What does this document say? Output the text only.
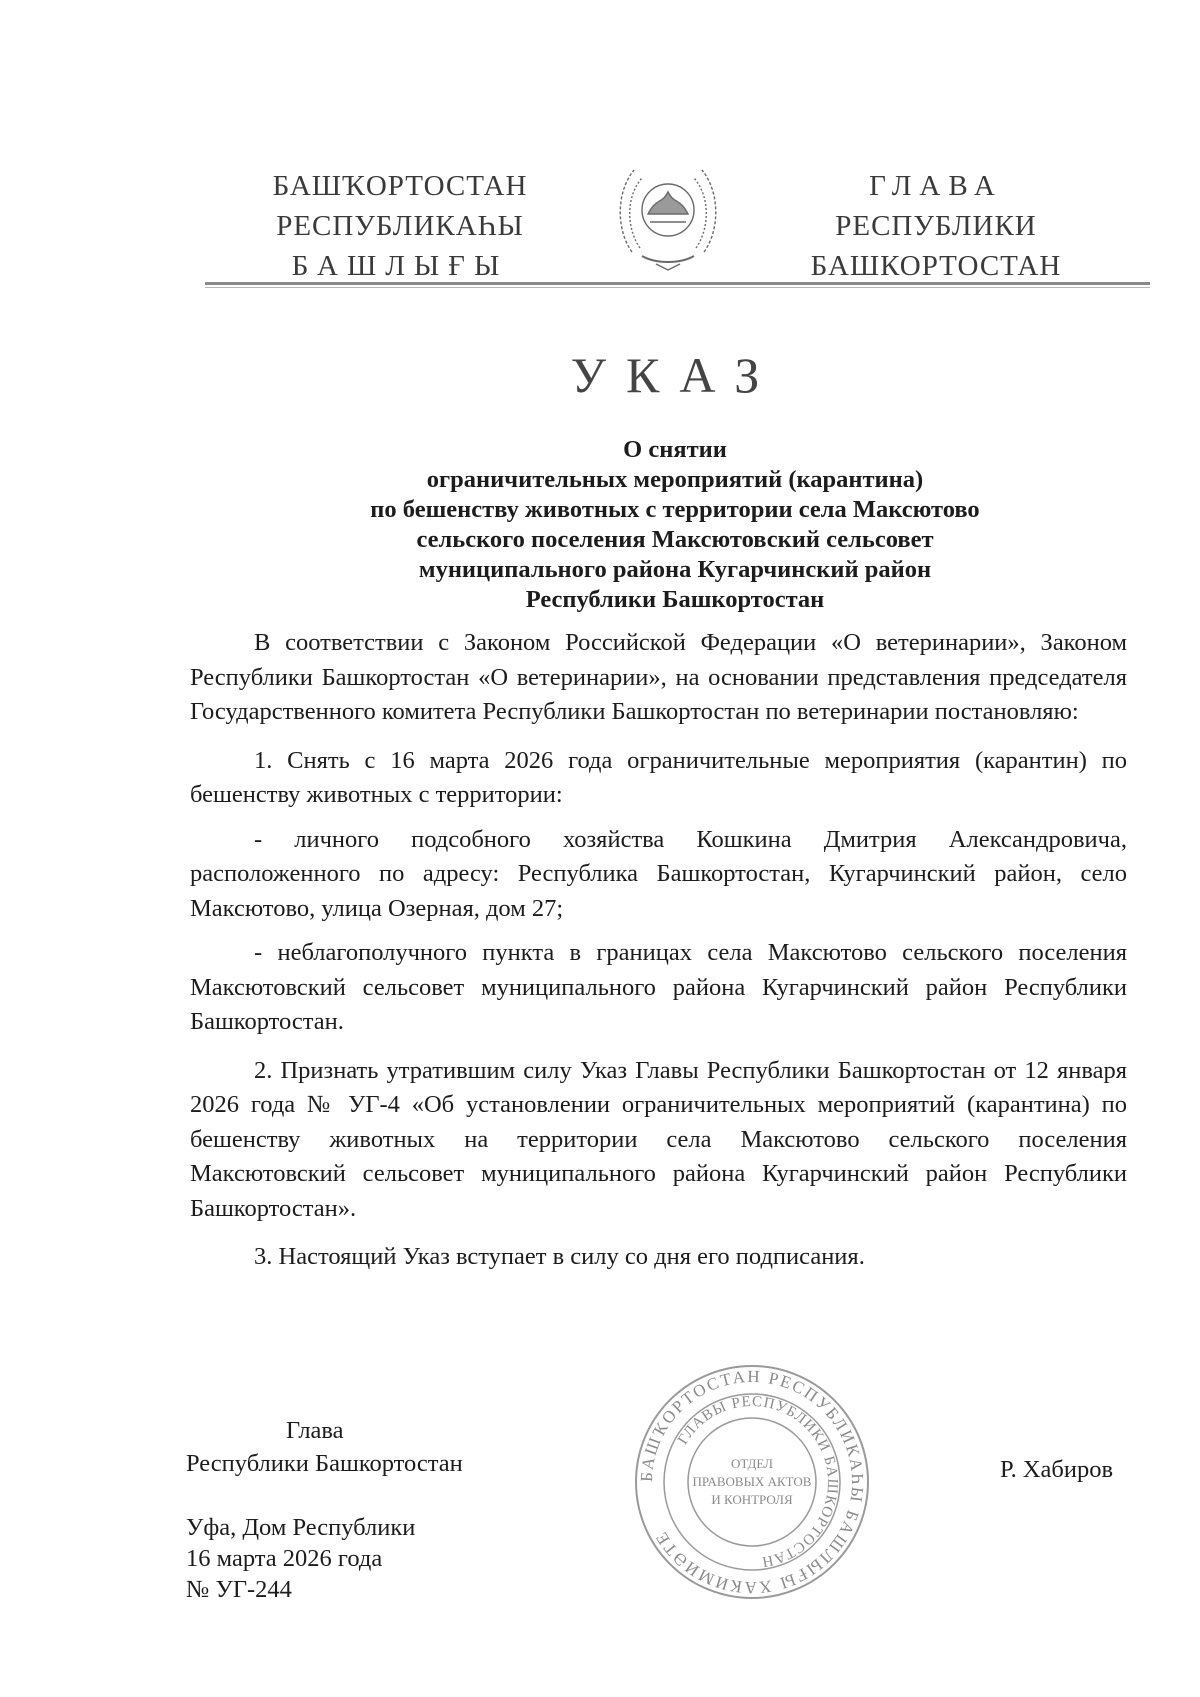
БАШҠОРТОСТАН
РЕСПУБЛИКАҺЫ
БАШЛЫҒЫ
ГЛАВА
РЕСПУБЛИКИ
БАШКОРТОСТАН
УКАЗ
О снятии
ограничительных мероприятий (карантина)
по бешенству животных с территории села Максютово
сельского поселения Максютовский сельсовет
муниципального района Кугарчинский район
Республики Башкортостан

В соответствии с Законом Российской Федерации «О ветеринарии», Законом Республики Башкортостан «О ветеринарии», на основании представления председателя Государственного комитета Республики Башкортостан по ветеринарии постановляю:

1. Снять с 16 марта 2026 года ограничительные мероприятия (карантин) по бешенству животных с территории:

- личного подсобного хозяйства Кошкина Дмитрия Александровича, расположенного по адресу: Республика Башкортостан, Кугарчинский район, село Максютово, улица Озерная, дом 27;

- неблагополучного пункта в границах села Максютово сельского поселения Максютовский сельсовет муниципального района Кугарчинский район Республики Башкортостан.

2. Признать утратившим силу Указ Главы Республики Башкортостан от 12 января 2026 года № УГ-4 «Об установлении ограничительных мероприятий (карантина) по бешенству животных на территории села Максютово сельского поселения Максютовский сельсовет муниципального района Кугарчинский район Республики Башкортостан».

3. Настоящий Указ вступает в силу со дня его подписания.

Глава
Республики Башкортостан	БАШҠОРТОСТАН РЕСПУБЛИКАҺЫ БАШЛЫҒЫ ХАКИМИӘТЕ
ГЛАВЫ РЕСПУБЛИКИ БАШКОРТОСТАН
ОТДЕЛ
ПРАВОВЫХ АКТОВ
И КОНТРОЛЯ
Р. Хабиров
Уфа, Дом Республики
16 марта 2026 года
№ УГ-244
